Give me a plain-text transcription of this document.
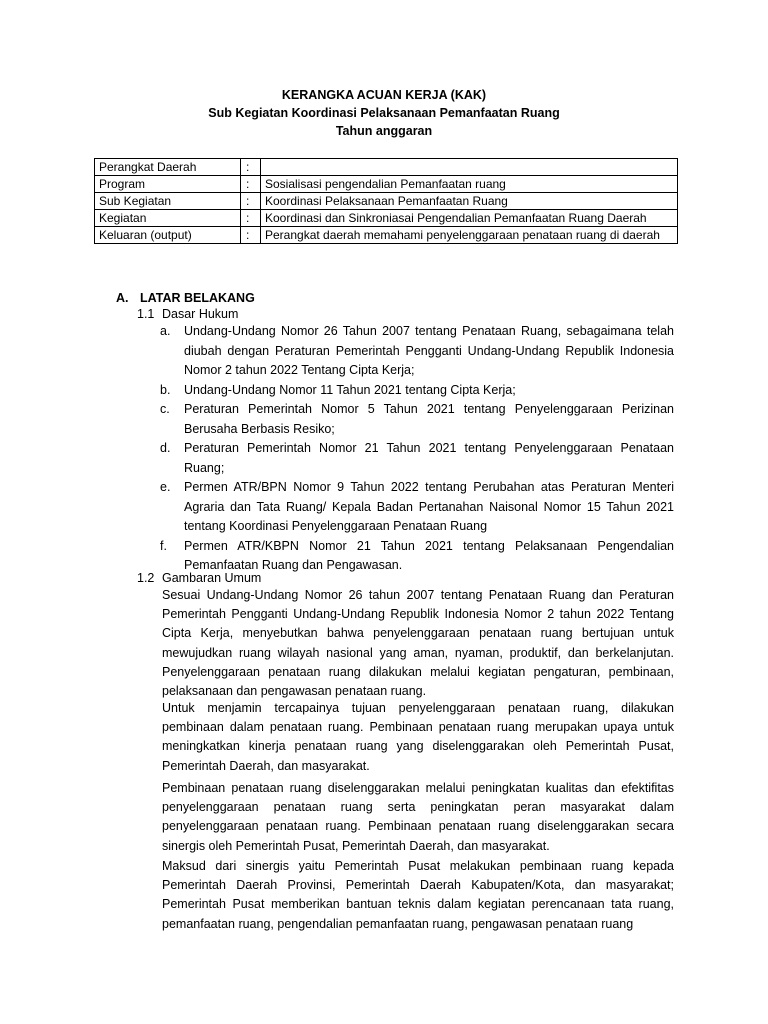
KERANGKA ACUAN KERJA (KAK)
Sub Kegiatan Koordinasi Pelaksanaan Pemanfaatan Ruang
Tahun anggaran
Perangkat Daerah	:	
Program	:	Sosialisasi pengendalian Pemanfaatan ruang
Sub Kegiatan	:	Koordinasi Pelaksanaan Pemanfaatan Ruang
Kegiatan	:	Koordinasi dan Sinkroniasai Pengendalian Pemanfaatan Ruang Daerah
Keluaran (output)	:	Perangkat daerah memahami penyelenggaraan penataan ruang di daerah
A. LATAR BELAKANG
1.1 Dasar Hukum
a. Undang-Undang Nomor 26 Tahun 2007 tentang Penataan Ruang, sebagaimana telah diubah dengan Peraturan Pemerintah Pengganti Undang-Undang Republik Indonesia Nomor 2 tahun 2022 Tentang Cipta Kerja;
b. Undang-Undang Nomor 11 Tahun 2021 tentang Cipta Kerja;
c. Peraturan Pemerintah Nomor 5 Tahun 2021 tentang Penyelenggaraan Perizinan Berusaha Berbasis Resiko;
d. Peraturan Pemerintah Nomor 21 Tahun 2021 tentang Penyelenggaraan Penataan Ruang;
e. Permen ATR/BPN Nomor 9 Tahun 2022 tentang Perubahan atas Peraturan Menteri Agraria dan Tata Ruang/ Kepala Badan Pertanahan Naisonal Nomor 15 Tahun 2021 tentang Koordinasi Penyelenggaraan Penataan Ruang
f. Permen ATR/KBPN Nomor 21 Tahun 2021 tentang Pelaksanaan Pengendalian Pemanfaatan Ruang dan Pengawasan.
1.2 Gambaran Umum
Sesuai Undang-Undang Nomor 26 tahun 2007 tentang Penataan Ruang dan Peraturan Pemerintah Pengganti Undang-Undang Republik Indonesia Nomor 2 tahun 2022 Tentang Cipta Kerja, menyebutkan bahwa penyelenggaraan penataan ruang bertujuan untuk mewujudkan ruang wilayah nasional yang aman, nyaman, produktif, dan berkelanjutan. Penyelenggaraan penataan ruang dilakukan melalui kegiatan pengaturan, pembinaan, pelaksanaan dan pengawasan penataan ruang.
Untuk menjamin tercapainya tujuan penyelenggaraan penataan ruang, dilakukan pembinaan dalam penataan ruang. Pembinaan penataan ruang merupakan upaya untuk meningkatkan kinerja penataan ruang yang diselenggarakan oleh Pemerintah Pusat, Pemerintah Daerah, dan masyarakat.
Pembinaan penataan ruang diselenggarakan melalui peningkatan kualitas dan efektifitas penyelenggaraan penataan ruang serta peningkatan peran masyarakat dalam penyelenggaraan penataan ruang. Pembinaan penataan ruang diselenggarakan secara sinergis oleh Pemerintah Pusat, Pemerintah Daerah, dan masyarakat.
Maksud dari sinergis yaitu Pemerintah Pusat melakukan pembinaan ruang kepada Pemerintah Daerah Provinsi, Pemerintah Daerah Kabupaten/Kota, dan masyarakat; Pemerintah Pusat memberikan bantuan teknis dalam kegiatan perencanaan tata ruang, pemanfaatan ruang, pengendalian pemanfaatan ruang, pengawasan penataan ruang
